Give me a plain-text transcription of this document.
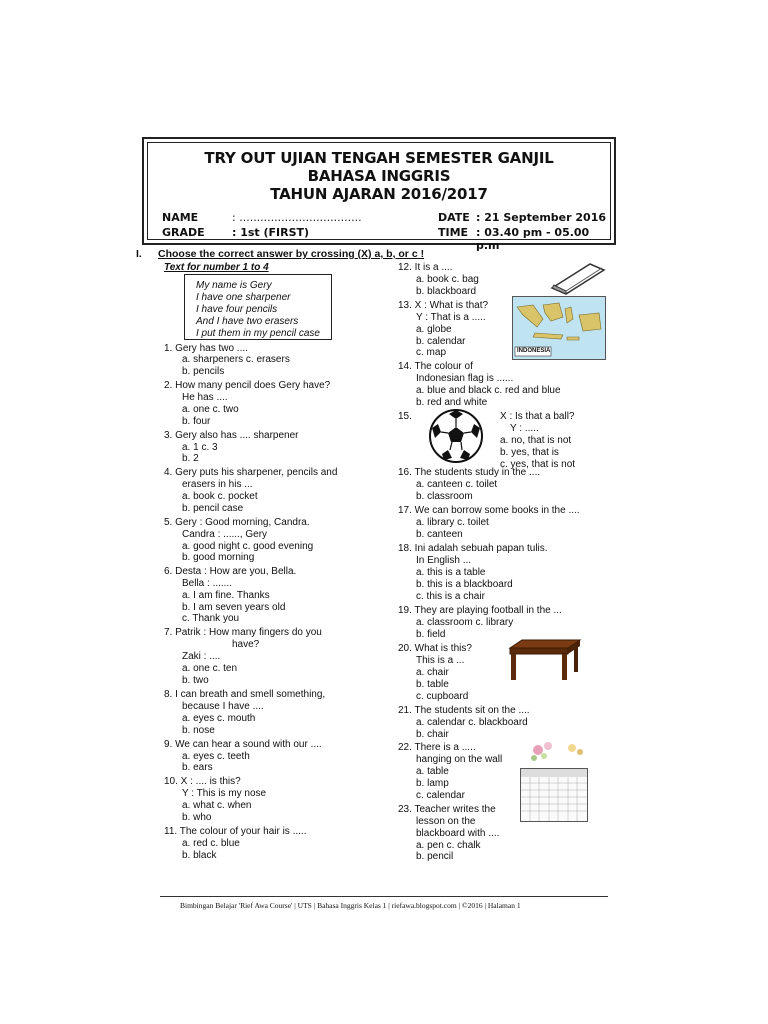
TRY OUT UJIAN TENGAH SEMESTER GANJIL
BAHASA INGGRIS
TAHUN AJARAN 2016/2017
NAME	: ...................................
GRADE : 1st (FIRST)
DATE : 21 September 2016
TIME : 03.40 pm - 05.00 p.m
I. Choose the correct answer by crossing (X) a, b, or c !
Text for number 1 to 4
My name is Gery
I have one sharpener
I have four pencils
And I have two erasers
I put them in my pencil case
1. Gery has two ....
a. sharpeners c. erasers
b. pencils
2. How many pencil does Gery have?
He has ....
a. one c. two
b. four
3. Gery also has .... sharpener
a. 1 c. 3
b. 2
4. Gery puts his sharpener, pencils and
erasers in his ...
a. book c. pocket
b. pencil case
5. Gery : Good morning, Candra.
Candra : ......, Gery
a. good night c. good evening
b. good morning
6. Desta : How are you, Bella.
Bella : .......
a. I am fine. Thanks
b. I am seven years old
c. Thank you
7. Patrik : How many fingers do you
have?
Zaki : ....
a. one c. ten
b. two
8. I can breath and smell something,
because I have ....
a. eyes c. mouth
b. nose
9. We can hear a sound with our ....
a. eyes c. teeth
b. ears
10. X : .... is this?
Y : This is my nose
a. what c. when
b. who
11. The colour of your hair is .....
a. red c. blue
b. black
12. It is a ....
a. book c. bag
b. blackboard
13. X : What is that?
Y : That is a .....
a. globe
b. calendar
c. map
14. The colour of
Indonesian flag is ......
a. blue and black c. red and blue
b. red and white
15.	X : Is that a ball?
Y : .....
a. no, that is not
b. yes, that is
c. yes, that is not
16. The students study in the ....
a. canteen c. toilet
b. classroom
17. We can borrow some books in the ....
a. library c. toilet
b. canteen
18. Ini adalah sebuah papan tulis.
In English ...
a. this is a table
b. this is a blackboard
c. this is a chair
19. They are playing football in the ...
a. classroom c. library
b. field
20. What is this?
This is a ...
a. chair
b. table
c. cupboard
21. The students sit on the ....
a. calendar c. blackboard
b. chair
22. There is a .....
hanging on the wall
a. table
b. lamp
c. calendar
23. Teacher writes the
lesson on the
blackboard with ....
a. pen c. chalk
b. pencil
INDONESIA
Bimbingan Belajar 'Rief Awa Course' | UTS | Bahasa Inggris Kelas 1 | riefawa.blogspot.com | ©2016 | Halaman 1
